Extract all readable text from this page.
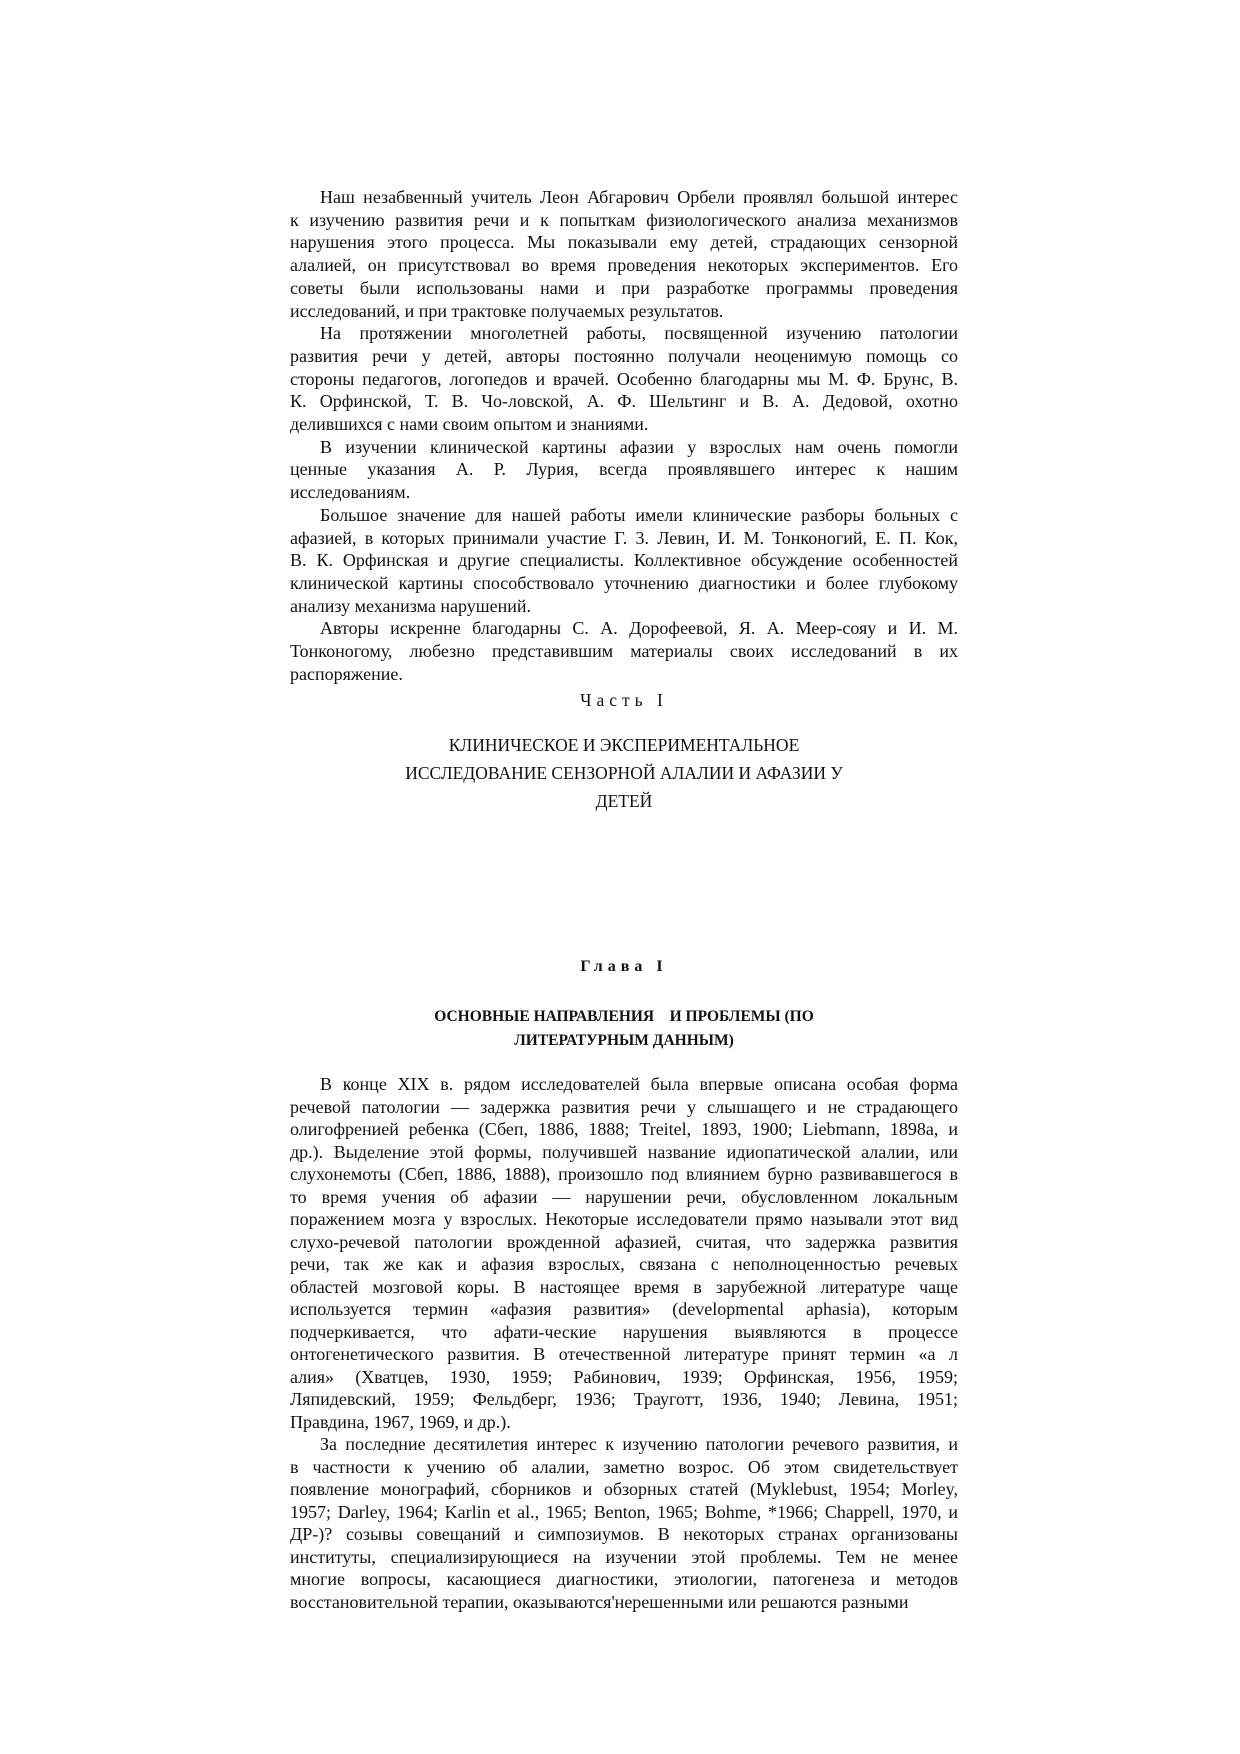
Часть I
КЛИНИЧЕСКОЕ И ЭКСПЕРИМЕНТАЛЬНОЕ
ИССЛЕДОВАНИЕ СЕНЗОРНОЙ АЛАЛИИ И АФАЗИИ У
ДЕТЕЙ
Глава I
ОСНОВНЫЕ НАПРАВЛЕНИЯ    И ПРОБЛЕМЫ (ПО
ЛИТЕРАТУРНЫМ ДАННЫМ)
Наш незабвенный учитель Леон Абгарович Орбели проявлял большой интерес
к изучению развития речи и к попыткам физиологического анализа механизмов
нарушения этого процесса. Мы показывали ему детей, страдающих сензорной
алалией, он присутствовал во время проведения некоторых экспериментов. Его
советы были использованы нами и при разработке программы проведения
исследований, и при трактовке получаемых результатов.
На протяжении многолетней работы, посвященной изучению патологии
развития речи у детей, авторы постоянно получали неоценимую помощь со
стороны педагогов, логопедов и врачей. Особенно благодарны мы М. Ф. Брунс, В.
К. Орфинской, Т. В. Чо-ловской, А. Ф. Шельтинг и В. А. Дедовой, охотно
делившихся с нами своим опытом и знаниями.
В изучении клинической картины афазии у взрослых нам очень помогли
ценные указания А. Р. Лурия, всегда проявлявшего интерес к нашим
исследованиям.
Большое значение для нашей работы имели клинические разборы больных с
афазией, в которых принимали участие Г. 3. Левин, И. М. Тонконогий, Е. П. Кок,
В. К. Орфинская и другие специалисты. Коллективное обсуждение особенностей
клинической картины способствовало уточнению диагностики и более глубокому
анализу механизма нарушений.
Авторы искренне благодарны С. А. Дорофеевой, Я. А. Меер-сояу и И. М.
Тонконогому, любезно представившим материалы своих исследований в их
распоряжение.
В конце XIX в. рядом исследователей была впервые описана особая форма
речевой патологии — задержка развития речи у слышащего и не страдающего
олигофренией ребенка (Сбеп, 1886, 1888; Treitel, 1893, 1900; Liebmann, 1898a, и
др.). Выделение этой формы, получившей название идиопатической алалии, или
слухонемоты (Сбеп, 1886, 1888), произошло под влиянием бурно развивавшегося в
то время учения об афазии — нарушении речи, обусловленном локальным
поражением мозга у взрослых. Некоторые исследователи прямо называли этот вид
слухо-речевой патологии врожденной афазией, считая, что задержка развития
речи, так же как и афазия взрослых, связана с неполноценностью речевых
областей мозговой коры. В настоящее время в зарубежной литературе чаще
используется термин «афазия развития» (developmental aphasia), которым
подчеркивается, что афати-ческие нарушения выявляются в процессе
онтогенетического развития. В отечественной литературе принят термин «а л
алия» (Хватцев, 1930, 1959; Рабинович, 1939; Орфинская, 1956, 1959;
Ляпидевский, 1959; Фельдберг, 1936; Трауготт, 1936, 1940; Левина, 1951;
Правдина, 1967, 1969, и др.).
За последние десятилетия интерес к изучению патологии речевого развития, и
в частности к учению об алалии, заметно возрос. Об этом свидетельствует
появление монографий, сборников и обзорных статей (Myklebust, 1954; Morley,
1957; Darley, 1964; Karlin et al., 1965; Benton, 1965; Bohme, *1966; Chappell, 1970, и
ДР-)? созывы совещаний и симпозиумов. В некоторых странах организованы
институты, специализирующиеся на изучении этой проблемы. Тем не менее
многие вопросы, касающиеся диагностики, этиологии, патогенеза и методов
восстановительной терапии, оказываются'нерешенными или решаются разными
